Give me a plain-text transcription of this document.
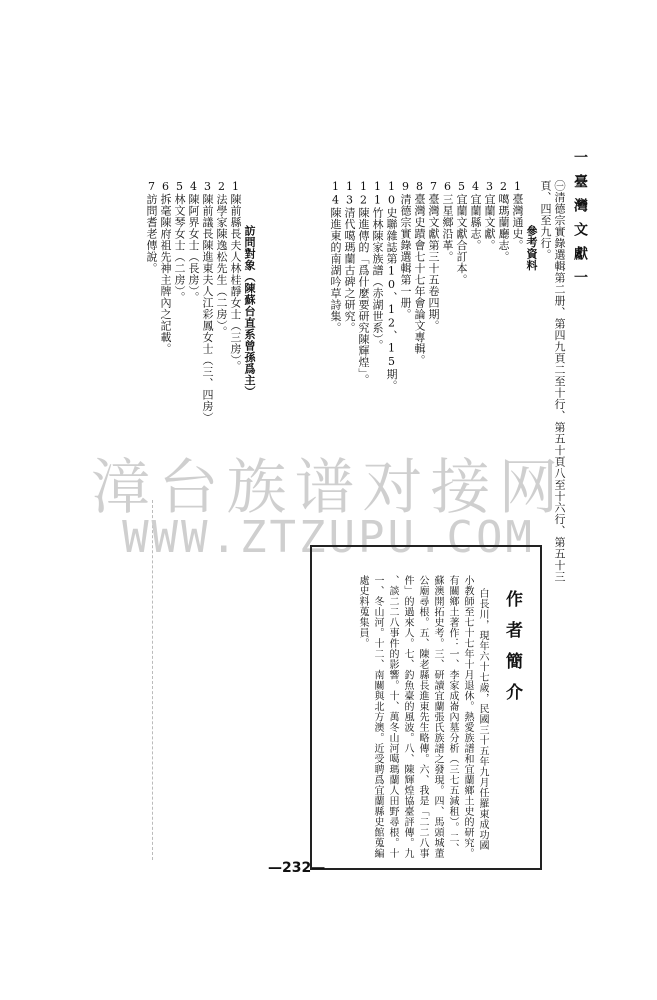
一臺灣文獻一
㊀清德宗實錄選輯第二册、第四九頁二至十行、第五十頁八至十六行、第五十三
頁、四至九行。
參考資料
1臺灣通史。
2噶瑪蘭廳志。
3宜蘭文獻。
4宜蘭縣志。
5宜蘭文獻合訂本。
6三星鄉沿革。
7臺灣文獻第三十五卷四期。
8臺灣史蹟會七十七年會論文專輯。
9清德宗實錄選輯第一册。
10史聯雜誌第10、12、15期。
11竹林陳家族譜（赤湖世系）。
12陳進傳的「爲什麼要研究陳輝煌」。
13清代噶瑪蘭古碑之研究。
14陳進東的南湖吟草詩集。
訪問對象（陳蘇台直系曾孫爲主）
1陳前縣長夫人林桂靜女士（三房）。
2法學家陳逸松先生（二房）。
3陳前議長陳進東夫人江彩鳳女士（三、四房）
4陳阿界女士（長房）。
5林文琴女士（二房）。
6拆毫陳府祖先神主牌內之記載。
7訪問耆老傳說。
漳台族谱对接网
WWW.ZTZUPU.COM
作者簡介
白長川，現年六十七歲，民國三十五年九月任羅東成功國
小教師至七十七年十月退休。熱愛族譜和宜蘭鄉土史的研究。
有關鄉土著作：一、李家成崙內墓分析（三七五減租）。二、
蘇澳開拓史考。三、研讀宜蘭張氏族譜之發現。四、馬頭城董
公廟尋根。五、陳老縣長進東先生略傳。六、我是「二二八事
件」的過來人。七、釣魚臺的風波。八、陳輝煌協臺評傳。九
、談二二八事件的影響。十、萬冬山河噶瑪蘭人田野尋根。十
一、冬山河。十二、南關與北方澳。近受聘爲宜蘭縣史館蒐編
處史料蒐集員。
—232—
